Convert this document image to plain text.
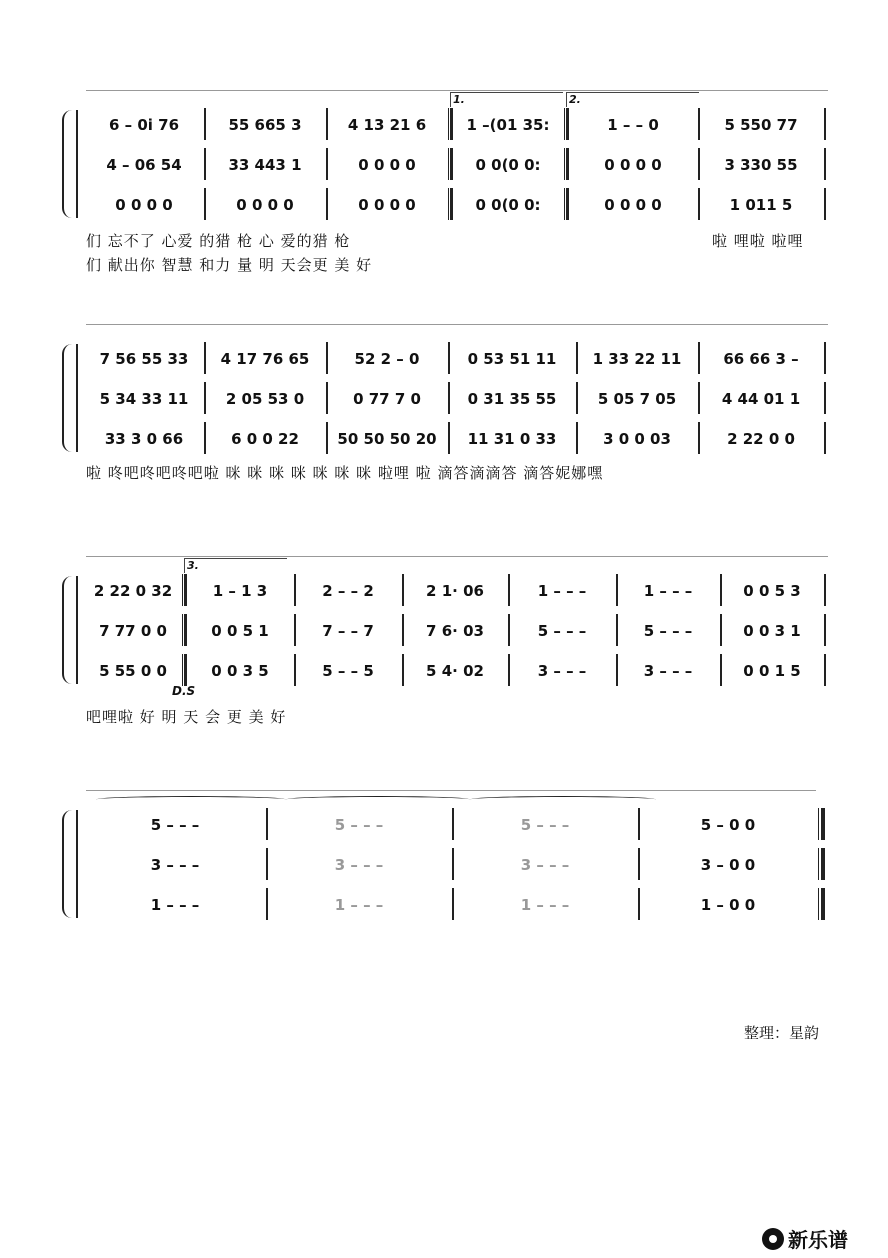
1.	2.
6 – 0i 76	55 665 3	4 13 21 6	1 –(01 35:	1 – – 0	5 550 77
4 – 06 54	33 443 1	0 0 0 0	0 0(0 0:	0 0 0 0	3 330 55
0 0 0 0	0 0 0 0	0 0 0 0	0 0(0 0:	0 0 0 0	1 011 5
们 忘不了 心爱 的猎 枪 心 爱的猎 枪
们 献出你 智慧 和力 量 明 天会更 美 好
啦 哩啦 啦哩
7 56 55 33	4 17 76 65	52 2 – 0	0 53 51 11	1 33 22 11	66 66 3 –
5 34 33 11	2 05 53 0	0 77 7 0	0 31 35 55	5 05 7 05	4 44 01 1
33 3 0 66	6 0 0 22	50 50 50 20	11 31 0 33	3 0 0 03	2 22 0 0
啦 咚吧咚吧咚吧啦 咪 咪 咪 咪 咪 咪 咪 啦哩 啦 滴答滴滴答 滴答妮娜嘿
3.
D.S
2 22 0 32	1 – 1 3	2 – – 2	2 1· 06	1 – – –	1 – – –	0 0 5 3
7 77 0 0	0 0 5 1	7 – – 7	7 6· 03	5 – – –	5 – – –	0 0 3 1
5 55 0 0	0 0 3 5	5 – – 5	5 4· 02	3 – – –	3 – – –	0 0 1 5
吧哩啦 好 明 天 会 更 美 好
5 – – –	5 – – –	5 – – –	5 – 0 0
3 – – –	3 – – –	3 – – –	3 – 0 0
1 – – –	1 – – –	1 – – –	1 – 0 0
整理：星韵
新乐谱
